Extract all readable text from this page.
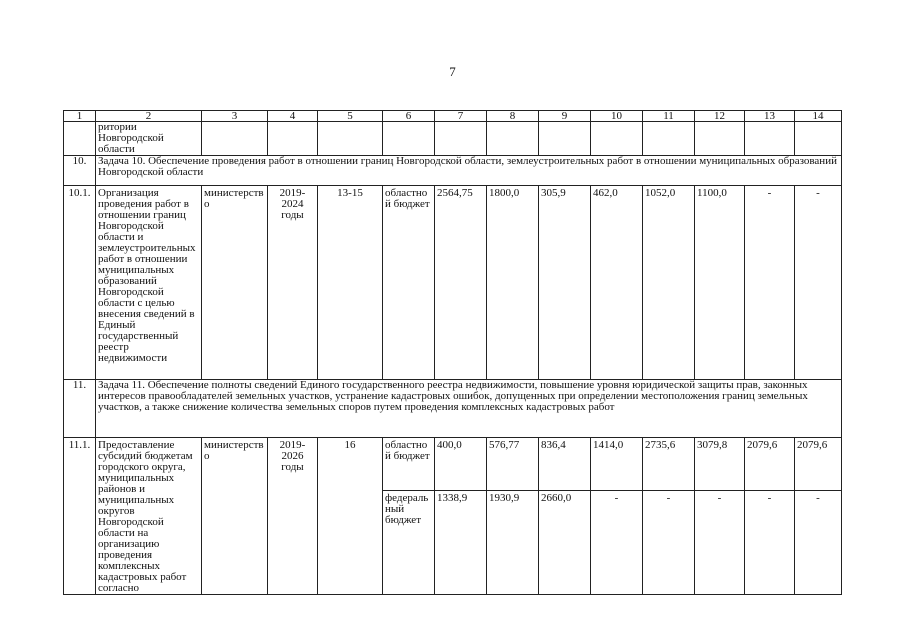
7
1	2	3	4	5	6	7	8	9	10	11	12	13	14
	ритории Новгородской области												
10.	Задача 10. Обеспечение проведения работ в отношении границ Новгородской области, землеустроительных работ в отношении муниципальных образований Новгородской области												
10.1.	Организация проведения работ в отношении границ Новгородской области и землеустроительных работ в отношении муниципальных образований Новгородской области с целью внесения сведений в Единый государственный реестр недвижимости	министерство	2019-2024 годы	13-15	областной бюджет	2564,75	1800,0	305,9	462,0	1052,0	1100,0	-	-
11.	Задача 11. Обеспечение полноты сведений Единого государственного реестра недвижимости, повышение уровня юридической защиты прав, законных интересов правообладателей земельных участков, устранение кадастровых ошибок, допущенных при определении местоположения границ земельных участков, а также снижение количества земельных споров путем проведения комплексных кадастровых работ												
11.1.	Предоставление субсидий бюджетам городского округа, муниципальных районов и муниципальных округов Новгородской области на организацию проведения комплексных кадастровых работ согласно	министерство	2019-2026 годы	16	областной бюджет	400,0	576,77	836,4	1414,0	2735,6	3079,8	2079,6	2079,6
					федеральный бюджет	1338,9	1930,9	2660,0	-	-	-	-	-
